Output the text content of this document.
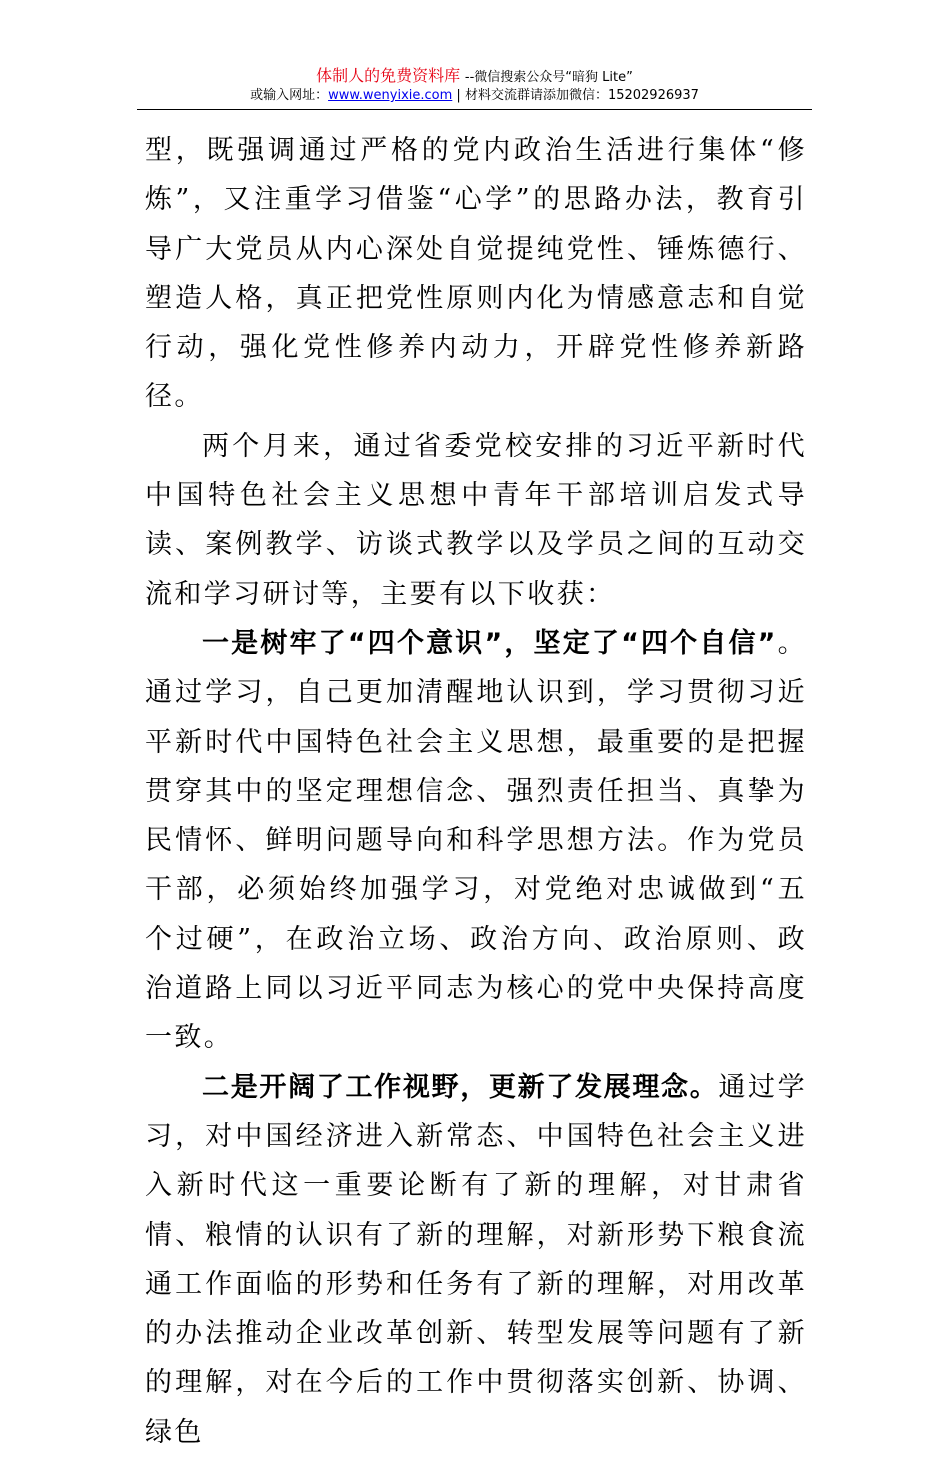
体制人的免费资料库 --微信搜索公众号“暗狗 Lite”
或输入网址：www.wenyixie.com | 材料交流群请添加微信：15202926937

型，既强调通过严格的党内政治生活进行集体“修炼”，又注重学习借鉴“心学”的思路办法，教育引导广大党员从内心深处自觉提纯党性、锤炼德行、塑造人格，真正把党性原则内化为情感意志和自觉行动，强化党性修养内动力，开辟党性修养新路径。

两个月来，通过省委党校安排的习近平新时代中国特色社会主义思想中青年干部培训启发式导读、案例教学、访谈式教学以及学员之间的互动交流和学习研讨等，主要有以下收获：

一是树牢了“四个意识”，坚定了“四个自信”。通过学习，自己更加清醒地认识到，学习贯彻习近平新时代中国特色社会主义思想，最重要的是把握贯穿其中的坚定理想信念、强烈责任担当、真挚为民情怀、鲜明问题导向和科学思想方法。作为党员干部，必须始终加强学习，对党绝对忠诚做到“五个过硬”，在政治立场、政治方向、政治原则、政治道路上同以习近平同志为核心的党中央保持高度一致。

二是开阔了工作视野，更新了发展理念。通过学习，对中国经济进入新常态、中国特色社会主义进入新时代这一重要论断有了新的理解，对甘肃省情、粮情的认识有了新的理解，对新形势下粮食流通工作面临的形势和任务有了新的理解，对用改革的办法推动企业改革创新、转型发展等问题有了新的理解，对在今后的工作中贯彻落实创新、协调、绿色
